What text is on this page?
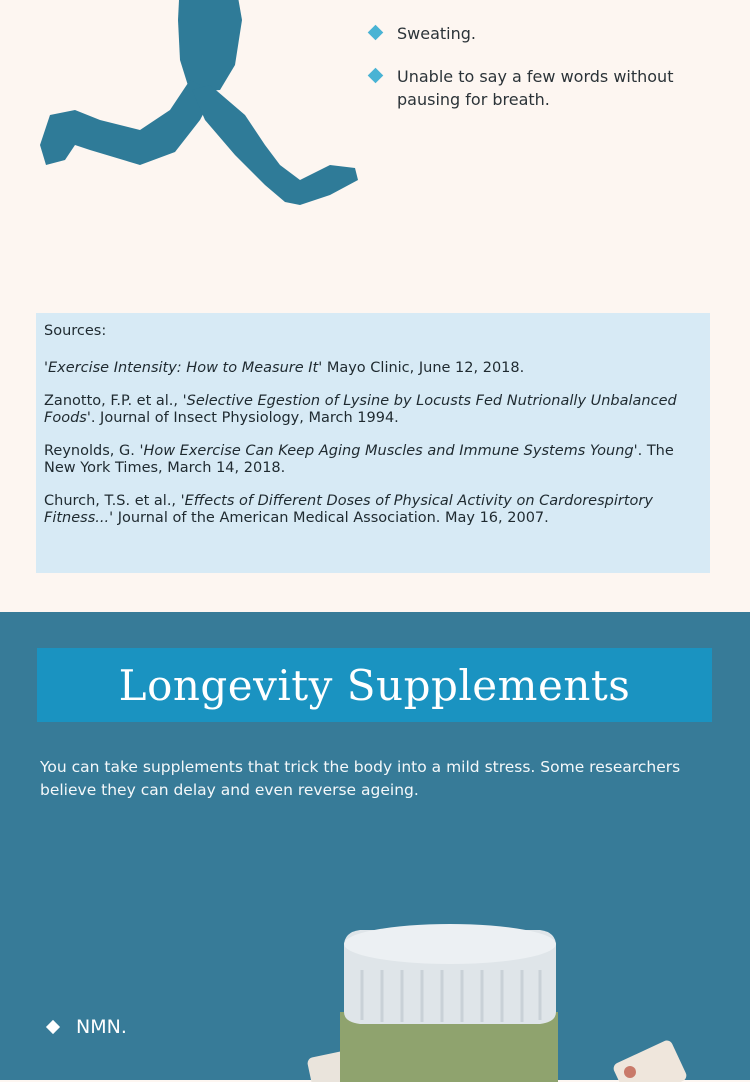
Sweating.
Unable to say a few words without pausing for breath.

Sources:

'Exercise Intensity: How to Measure It' Mayo Clinic, June 12, 2018.

Zanotto, F.P. et al., 'Selective Egestion of Lysine by Locusts Fed Nutrionally Unbalanced Foods'. Journal of Insect Physiology, March 1994.

Reynolds, G. 'How Exercise Can Keep Aging Muscles and Immune Systems Young'. The New York Times, March 14, 2018.

Church, T.S. et al., 'Effects of Different Doses of Physical Activity on Cardorespirtory Fitness...' Journal of the American Medical Association. May 16, 2007.

Longevity Supplements
You can take supplements that trick the body into a mild stress. Some researchers believe they can delay and even reverse ageing.
NMN.
